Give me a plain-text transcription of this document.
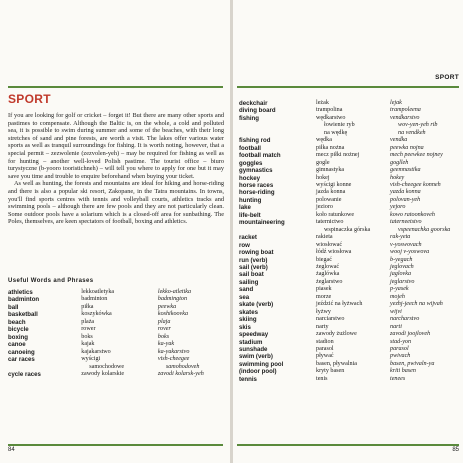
SPORT

If you are looking for golf or cricket – forget it! But there are many other sports and pastimes to compensate. Although the Baltic is, on the whole, a cold and polluted sea, it is possible to swim during summer and some of the beaches, with their long stretches of sand and pine forests, are worth a visit. The lakes offer various water sports as well as tranquil surroundings for fishing. It is worth noting, however, that a special permit – zezwolenie (zezvolen-yeh) – may be required for fishing as well as for hunting – another well-loved Polish pastime. The tourist office – biuro turystyczne (b-yooro tooristichneh) – will tell you where to apply for one but it may save you time and trouble to enquire beforehand when buying your ticket.

As well as hunting, the forests and mountains are ideal for hiking and horse-riding and there is also a popular ski resort, Zakopane, in the Tatra mountains. In towns, you'll find sports centres with tennis and volleyball courts, athletics tracks and swimming pools – although there are few pools and they are not particularly clean. Some outdoor pools have a solarium which is a closed-off area for sunbathing. The Poles, themselves, are keen spectators of football, boxing and athletics.

Useful Words and Phrases
athletics	lekkoatletyka	lekko-atletika
badminton	badminton	badmington
ball	piłka	peewka
basketball	koszykówka	koshikoovka
beach	plaża	plaja
bicycle	rower	rover
boxing	boks	boks
canoe	kajak	ka-yak
canoeing	kajakarstwo	ka-yakarstvo
car races	wyścigi	vish-cheegee
	samochodowe	samohodoveh
cycle races	zawody kolarskie	zavodi kolarsk-yeh
84
SPORT
deckchair	leżak	lejak
diving board	trampolina	trampoleena
fishing	wędkarstwo	vendkarstvo
	łowienie ryb	wov-yen-yeh rib
	na wędkę	na vendkeh
fishing rod	wędka	vendka
football	piłka nożna	peewka nojna
football match	mecz piłki nożnej	mech peewkee nojney
goggles	gogle	goglleh
gymnastics	gimnastyka	geemnastika
hockey	hokej	hokey
horse races	wyścigi konne	vish-cheegee konneh
horse-riding	jazda konna	yazda konna
hunting	polowanie	polovan-yeh
lake	jezioro	yejoro
life-belt	koło ratunkowe	kowo ratoonkoveh
mountaineering	taternictwo	taterneetstvo
	wspinaczka górska	vspeenachka goorska
racket	rakieta	rak-yeta
row	wiosłować	v-yoswovach
rowing boat	łódź wiosłowa	wooj v-yoswova
run (verb)	biegać	b-yegach
sail (verb)	żeglować	jeglovach
sail boat	żaglówka	jaglovka
sailing	żeglarstwo	jeglarstvo
sand	piasek	p-yasek
sea	morze	mojeh
skate (verb)	jeździć na łyżwach	yezhj-jeech na wijvah
skates	łyżwy	wijvi
skiing	narciarstwo	narcharstvo
skis	narty	narti
speedway	zawody żużlowe	zavodi joojloveh
stadium	stadion	stad-yon
sunshade	parasol	parasol
swim (verb)	pływać	pwivach
swimming pool	basen, pływalnia	basen, pwivaln-ya
(indoor pool)	kryty basen	kriti basen
tennis	tenis	tenees
85
